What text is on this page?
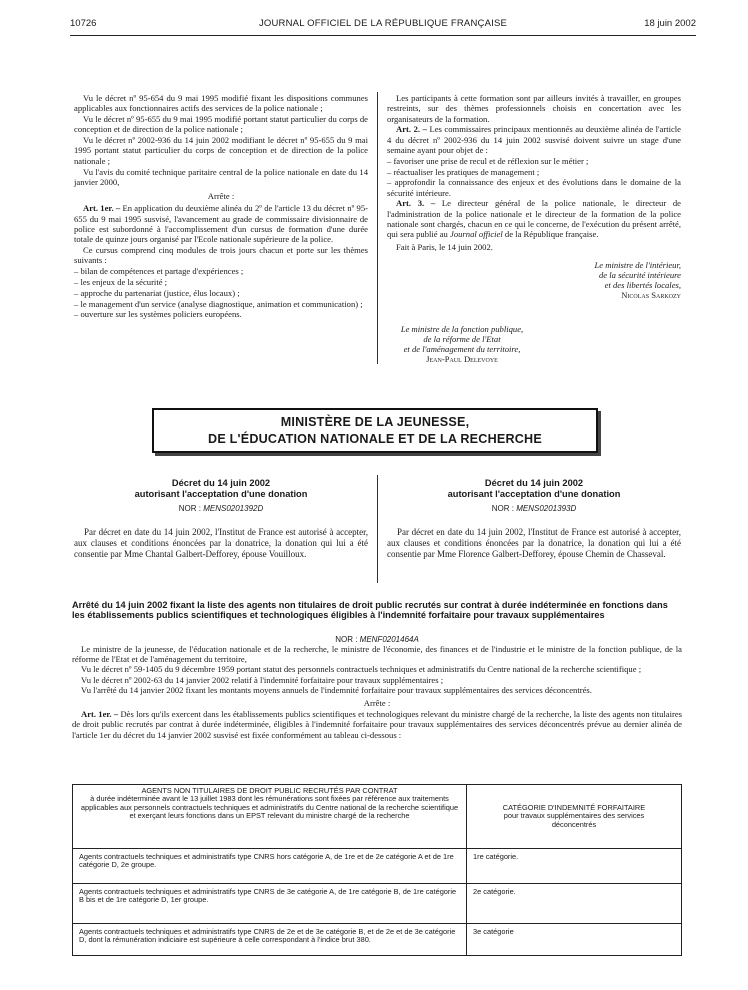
10726	JOURNAL OFFICIEL DE LA RÉPUBLIQUE FRANÇAISE	18 juin 2002

Vu le décret nº 95-654 du 9 mai 1995 modifié fixant les dispositions communes applicables aux fonctionnaires actifs des services de la police nationale ;

Vu le décret nº 95-655 du 9 mai 1995 modifié portant statut particulier du corps de conception et de direction de la police nationale ;

Vu le décret nº 2002-936 du 14 juin 2002 modifiant le décret nº 95-655 du 9 mai 1995 portant statut particulier du corps de conception et de direction de la police nationale ;

Vu l'avis du comité technique paritaire central de la police nationale en date du 14 janvier 2000,

Arrête :

Art. 1er. – En application du deuxième alinéa du 2º de l'article 13 du décret nº 95-655 du 9 mai 1995 susvisé, l'avancement au grade de commissaire divisionnaire de police est subordonné à l'accomplissement d'un cursus de formation d'une durée totale de quinze jours organisé par l'Ecole nationale supérieure de la police.

Ce cursus comprend cinq modules de trois jours chacun et porte sur les thèmes suivants :

– bilan de compétences et partage d'expériences ;

– les enjeux de la sécurité ;

– approche du partenariat (justice, élus locaux) ;

– le management d'un service (analyse diagnostique, animation et communication) ;

– ouverture sur les systèmes policiers européens.

Les participants à cette formation sont par ailleurs invités à travailler, en groupes restreints, sur des thèmes professionnels choisis en concertation avec les organisateurs de la formation.

Art. 2. – Les commissaires principaux mentionnés au deuxième alinéa de l'article 4 du décret nº 2002-936 du 14 juin 2002 susvisé doivent suivre un stage d'une semaine ayant pour objet de :

– favoriser une prise de recul et de réflexion sur le métier ;

– réactualiser les pratiques de management ;

– approfondir la connaissance des enjeux et des évolutions dans le domaine de la sécurité intérieure.

Art. 3. – Le directeur général de la police nationale, le directeur de l'administration de la police nationale et le directeur de la formation de la police nationale sont chargés, chacun en ce qui le concerne, de l'exécution du présent arrêté, qui sera publié au Journal officiel de la République française.

Fait à Paris, le 14 juin 2002.

Le ministre de l'intérieur,
de la sécurité intérieure
et des libertés locales,
Nicolas Sarkozy
Le ministre de la fonction publique,
de la réforme de l'Etat
et de l'aménagement du territoire,
Jean-Paul Delevoye
MINISTÈRE DE LA JEUNESSE,
DE L'ÉDUCATION NATIONALE ET DE LA RECHERCHE
Décret du 14 juin 2002
autorisant l'acceptation d'une donation
NOR : MENS0201392D
Par décret en date du 14 juin 2002, l'Institut de France est autorisé à accepter, aux clauses et conditions énoncées par la donatrice, la donation qui lui a été consentie par Mme Chantal Galbert-Defforey, épouse Vouilloux.
Décret du 14 juin 2002
autorisant l'acceptation d'une donation
NOR : MENS0201393D
Par décret en date du 14 juin 2002, l'Institut de France est autorisé à accepter, aux clauses et conditions énoncées par la donatrice, la donation qui lui a été consentie par Mme Florence Galbert-Defforey, épouse Chemin de Chasseval.
Arrêté du 14 juin 2002 fixant la liste des agents non titulaires de droit public recrutés sur contrat à durée indéterminée en fonctions dans les établissements publics scientifiques et technologiques éligibles à l'indemnité forfaitaire pour travaux supplémentaires
NOR : MENF0201464A

Le ministre de la jeunesse, de l'éducation nationale et de la recherche, le ministre de l'économie, des finances et de l'industrie et le ministre de la fonction publique, de la réforme de l'Etat et de l'aménagement du territoire,

Vu le décret nº 59-1405 du 9 décembre 1959 portant statut des personnels contractuels techniques et administratifs du Centre national de la recherche scientifique ;

Vu le décret nº 2002-63 du 14 janvier 2002 relatif à l'indemnité forfaitaire pour travaux supplémentaires ;

Vu l'arrêté du 14 janvier 2002 fixant les montants moyens annuels de l'indemnité forfaitaire pour travaux supplémentaires des services déconcentrés.

Arrête :

Art. 1er. – Dès lors qu'ils exercent dans les établissements publics scientifiques et technologiques relevant du ministre chargé de la recherche, la liste des agents non titulaires de droit public recrutés par contrat à durée indéterminée, éligibles à l'indemnité forfaitaire pour travaux supplémentaires des services déconcentrés prévue au dernier alinéa de l'article 1er du décret du 14 janvier 2002 susvisé est fixée conformément au tableau ci-dessous :

AGENTS NON TITULAIRES DE DROIT PUBLIC RECRUTÉS PAR CONTRAT
à durée indéterminée avant le 13 juillet 1983 dont les rémunérations sont fixées par référence aux traitements applicables aux personnels contractuels techniques et administratifs du Centre national de la recherche scientifique et exerçant leurs fonctions dans un EPST relevant du ministre chargé de la recherche	CATÉGORIE D'INDEMNITÉ FORFAITAIRE pour travaux supplémentaires des services déconcentrés
Agents contractuels techniques et administratifs type CNRS hors catégorie A, de 1re et de 2e catégorie A et de 1re catégorie D, 2e groupe.	1re catégorie.
Agents contractuels techniques et administratifs type CNRS de 3e catégorie A, de 1re catégorie B, de 1re catégorie B bis et de 1re catégorie D, 1er groupe.	2e catégorie.
Agents contractuels techniques et administratifs type CNRS de 2e et de 3e catégorie B, et de 2e et de 3e catégorie D, dont la rémunération indiciaire est supérieure à celle correspondant à l'indice brut 380.	3e catégorie
